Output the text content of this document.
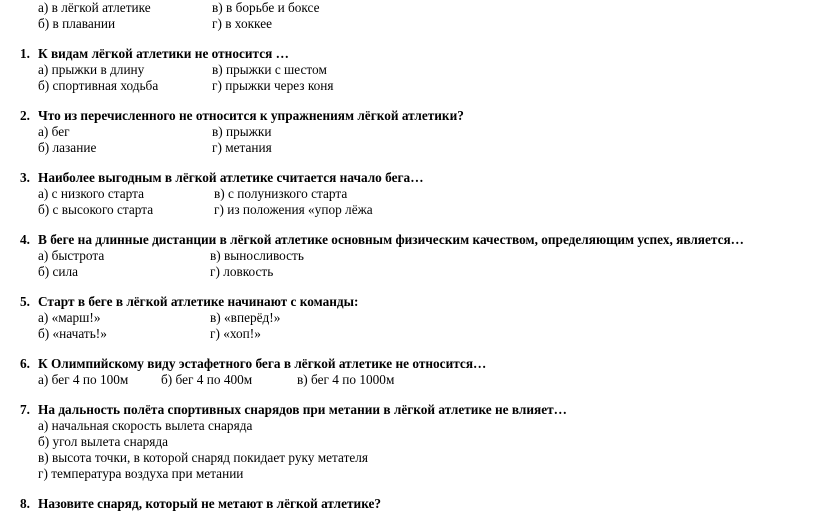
а) в лёгкой атлетике	в) в борьбе и боксе
б) в плавании	г) в хоккее
1. К видам лёгкой атлетики не относится …
а) прыжки в длину	в) прыжки с шестом
б) спортивная ходьба	г) прыжки через коня
2. Что из перечисленного не относится к упражнениям лёгкой атлетики?
а) бег	в) прыжки
б) лазание	г) метания
3. Наиболее выгодным в лёгкой атлетике считается начало бега…
а) с низкого старта	в) с полунизкого старта
б) с высокого старта	г) из положения «упор лёжа
4. В беге на длинные дистанции в лёгкой атлетике основным физическим качеством, определяющим успех, является…
а) быстрота	в) выносливость
б) сила	г) ловкость
5. Старт в беге в лёгкой атлетике начинают с команды:
а) «марш!»	в) «вперёд!»
б) «начать!»	г) «хоп!»
6. К Олимпийскому виду эстафетного бега в лёгкой атлетике не относится…
а) бег 4 по 100м б) бег 4 по 400м	в) бег 4 по 1000м
7. На дальность полёта спортивных снарядов при метании в лёгкой атлетике не влияет…
а) начальная скорость вылета снаряда
б) угол вылета снаряда
в) высота точки, в которой снаряд покидает руку метателя
г) температура воздуха при метании
8. Назовите снаряд, который не метают в лёгкой атлетике?
